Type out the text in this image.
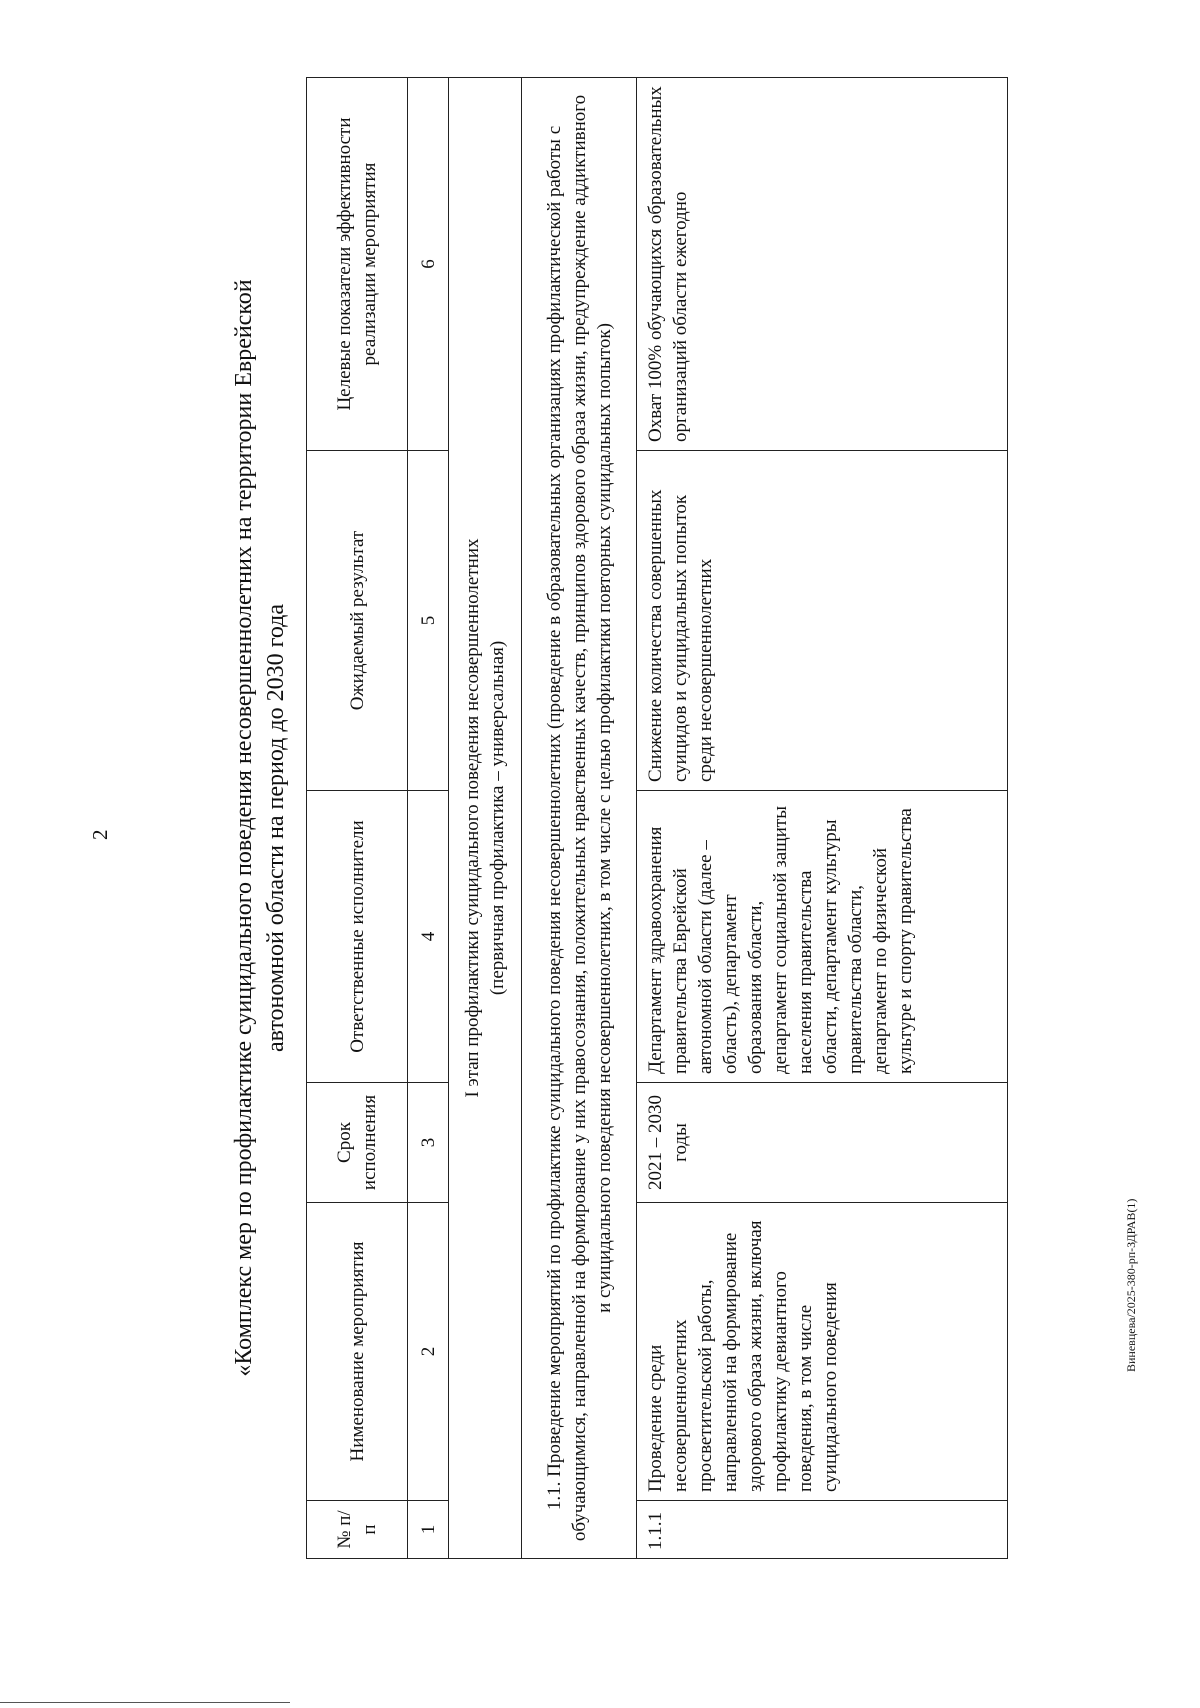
2	«Комплекс мер по профилактике суицидального поведения несовершеннолетних на территории Еврейской автономной области на период до 2030 года
№ п/п	Нименование мероприятия	Срок исполнения	Ответственные исполнители	Ожидаемый результат	Целевые показатели эффективности реализации мероприятия
1	2	3	4	5	6
I этап профилактики суицидального поведения несовершеннолетних (первичная профилактика – универсальная)					
1.1. Проведение мероприятий по профилактике суицидального поведения несовершеннолетних (проведение в образовательных организациях профилактической работы с обучающимися, направленной на формирование у них правосознания, положительных нравственных качеств, принципов здорового образа жизни, предупреждение аддиктивного и суицидального поведения несовершеннолетних, в том числе с целью профилактики повторных суицидальных попыток)					
1.1.1	Проведение среди несовершеннолетних просветительской работы, направленной на формирование здорового образа жизни, включая профилактику девиантного поведения, в том числе суицидального поведения	2021 – 2030 годы	Департамент здравоохранения правительства Еврейской автономной области (далее – область), департамент образования области, департамент социальной защиты населения правительства области, департамент культуры правительства области, департамент по физической культуре и спорту правительства	Снижение количества совершенных суицидов и суицидальных попыток среди несовершеннолетних	Охват 100% обучающихся образовательных организаций области ежегодно
Виневцева/2025-380-рп-ЗДРАВ(1)
